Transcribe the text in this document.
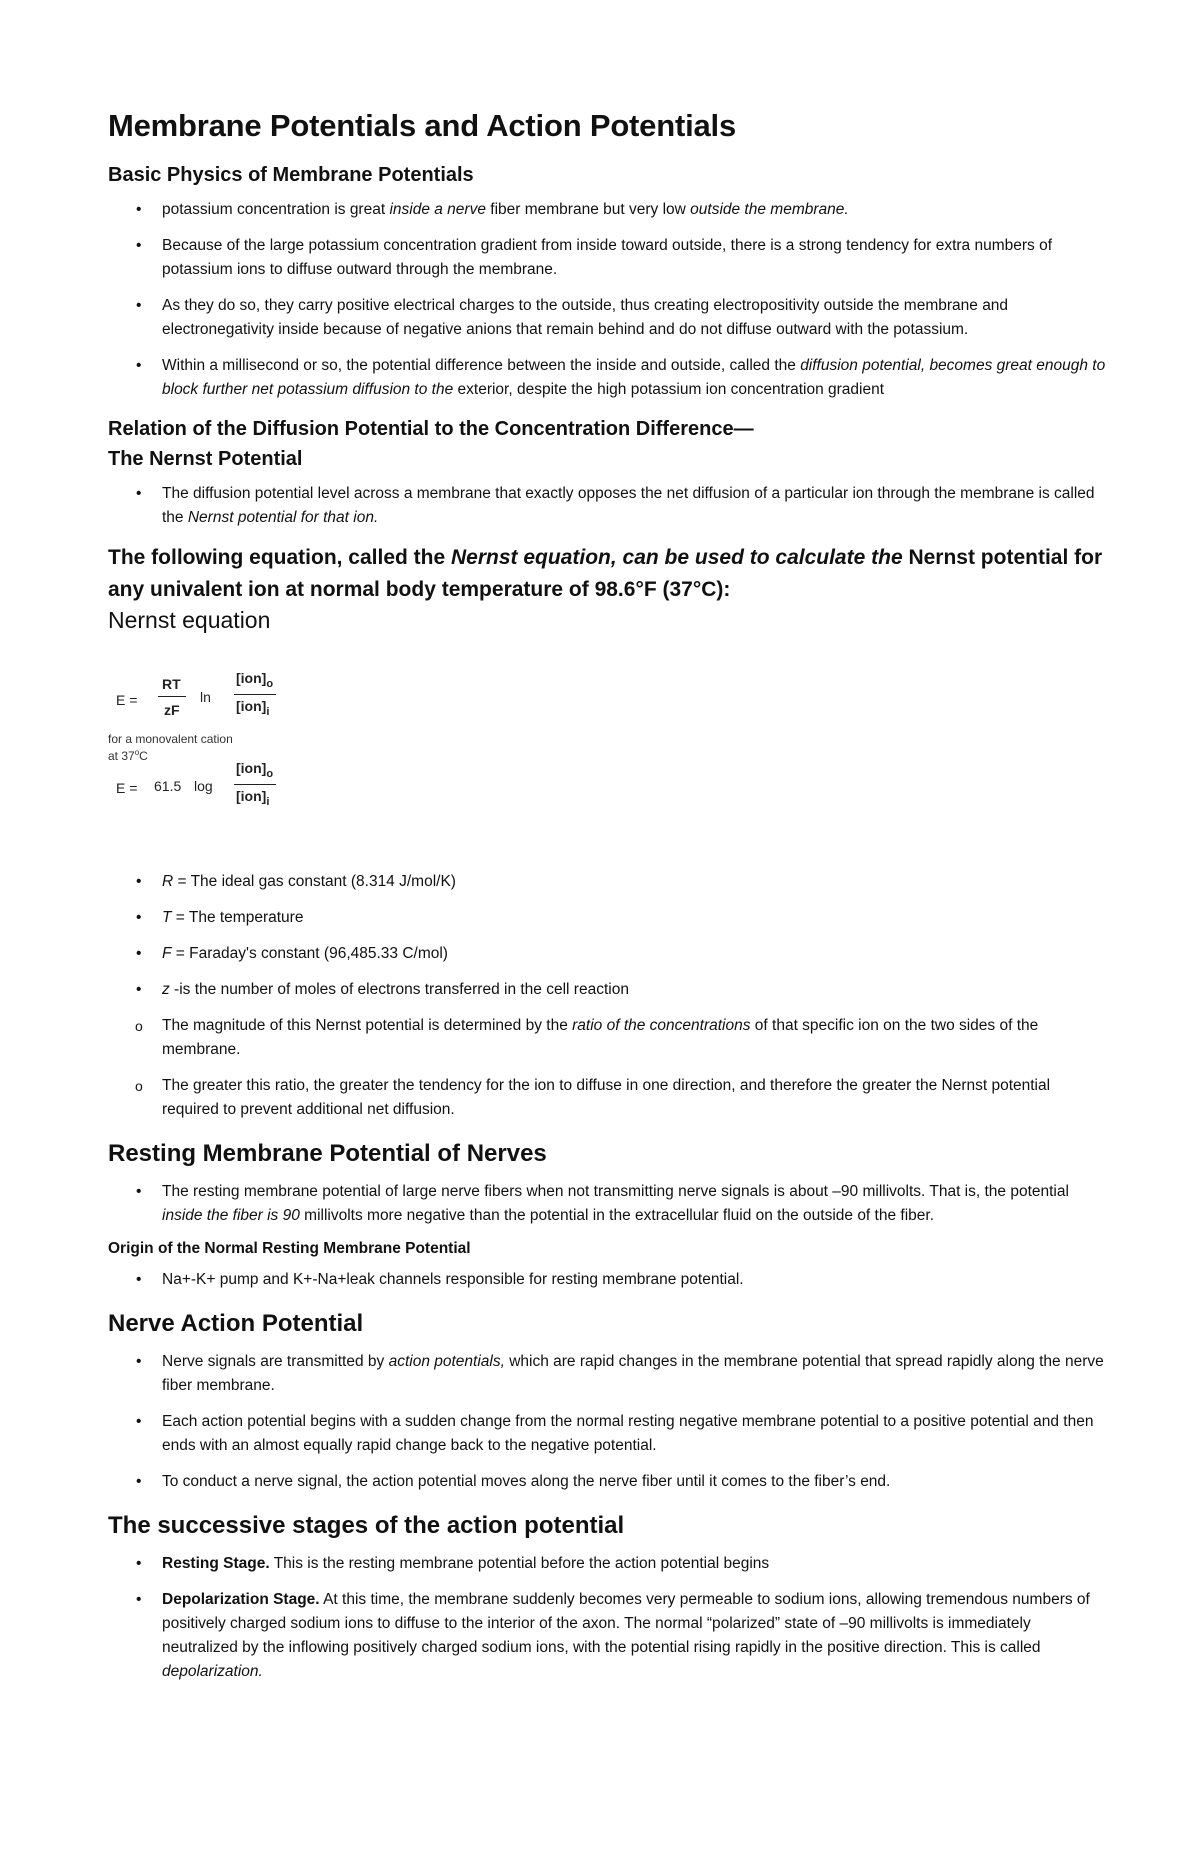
Membrane Potentials and Action Potentials
Basic Physics of Membrane Potentials
• potassium concentration is great inside a nerve fiber membrane but very low outside the membrane.
• Because of the large potassium concentration gradient from inside toward outside, there is a strong tendency for extra numbers of potassium ions to diffuse outward through the membrane.
• As they do so, they carry positive electrical charges to the outside, thus creating electropositivity outside the membrane and electronegativity inside because of negative anions that remain behind and do not diffuse outward with the potassium.
• Within a millisecond or so, the potential difference between the inside and outside, called the diffusion potential, becomes great enough to block further net potassium diffusion to the exterior, despite the high potassium ion concentration gradient
Relation of the Diffusion Potential to the Concentration Difference—
The Nernst Potential
• The diffusion potential level across a membrane that exactly opposes the net diffusion of a particular ion through the membrane is called the Nernst potential for that ion.
The following equation, called the Nernst equation, can be used to calculate the Nernst potential for any univalent ion at normal body temperature of 98.6°F (37°C):
Nernst equation
E =
RT
zF
ln
$[ion]_o$
$[ion]_i$
for a monovalent cation
at 37$^o$C
E = 61.5 log
$[ion]_o$
$[ion]_i$
• R = The ideal gas constant (8.314 J/mol/K)
• T = The temperature
• F = Faraday's constant (96,485.33 C/mol)
• z -is the number of moles of electrons transferred in the cell reaction
o The magnitude of this Nernst potential is determined by the ratio of the concentrations of that specific ion on the two sides of the membrane.
o The greater this ratio, the greater the tendency for the ion to diffuse in one direction, and therefore the greater the Nernst potential required to prevent additional net diffusion.
Resting Membrane Potential of Nerves
• The resting membrane potential of large nerve fibers when not transmitting nerve signals is about –90 millivolts. That is, the potential inside the fiber is 90 millivolts more negative than the potential in the extracellular fluid on the outside of the fiber.
Origin of the Normal Resting Membrane Potential
• Na+-K+ pump and K+-Na+leak channels responsible for resting membrane potential.
Nerve Action Potential
• Nerve signals are transmitted by action potentials, which are rapid changes in the membrane potential that spread rapidly along the nerve fiber membrane.
• Each action potential begins with a sudden change from the normal resting negative membrane potential to a positive potential and then ends with an almost equally rapid change back to the negative potential.
• To conduct a nerve signal, the action potential moves along the nerve fiber until it comes to the fiber’s end.
The successive stages of the action potential
• Resting Stage. This is the resting membrane potential before the action potential begins
• Depolarization Stage. At this time, the membrane suddenly becomes very permeable to sodium ions, allowing tremendous numbers of positively charged sodium ions to diffuse to the interior of the axon. The normal “polarized” state of –90 millivolts is immediately neutralized by the inflowing positively charged sodium ions, with the potential rising rapidly in the positive direction. This is called depolarization.
